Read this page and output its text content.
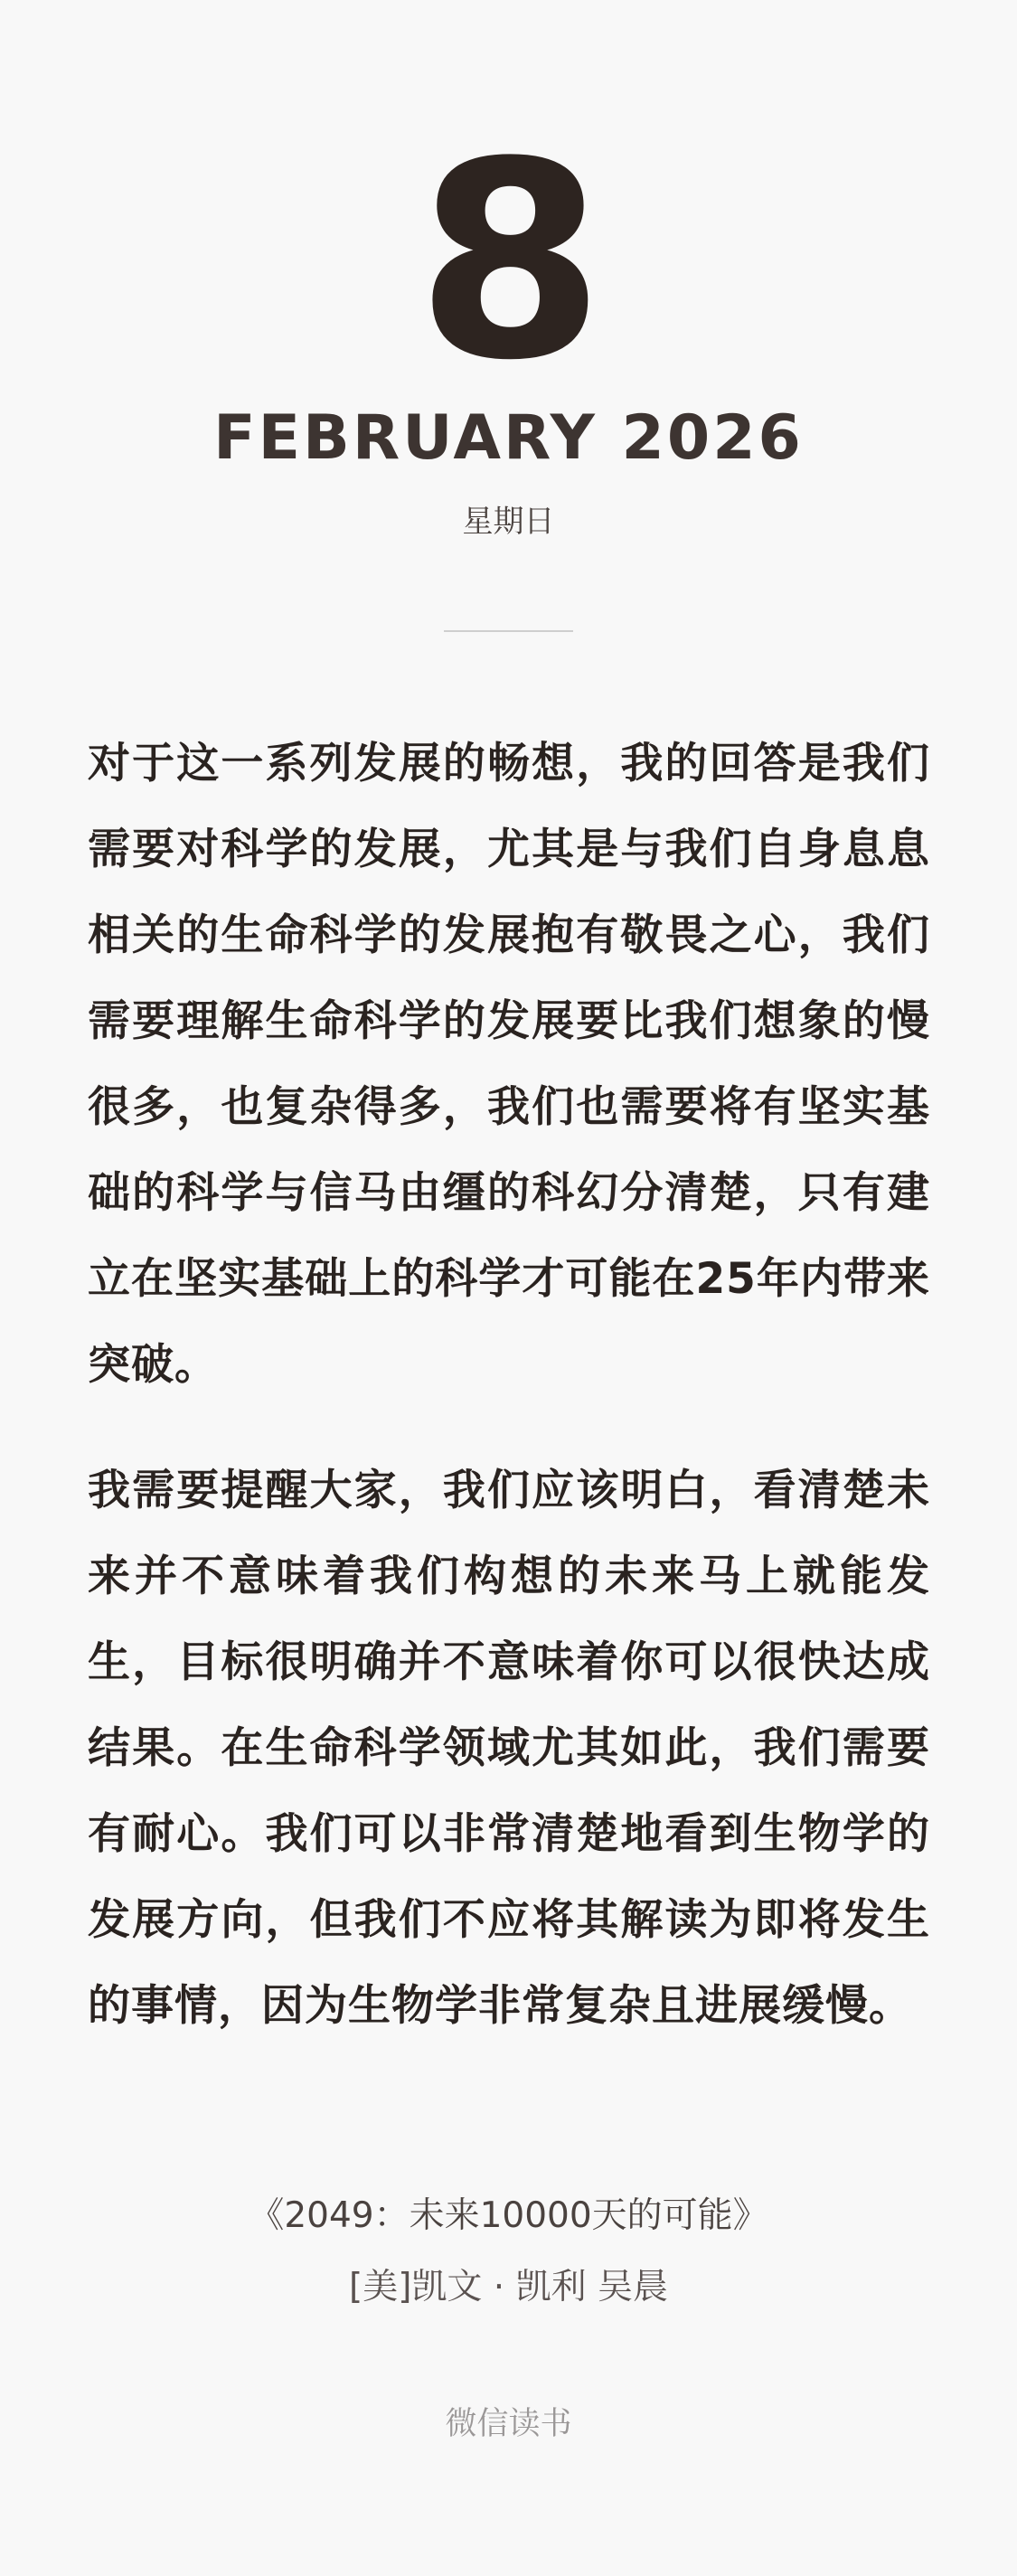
8
FEBRUARY 2026
星期日

对于这一系列发展的畅想，我的回答是我们需要对科学的发展，尤其是与我们自身息息相关的生命科学的发展抱有敬畏之心，我们需要理解生命科学的发展要比我们想象的慢很多，也复杂得多，我们也需要将有坚实基础的科学与信马由缰的科幻分清楚，只有建立在坚实基础上的科学才可能在25年内带来突破。

我需要提醒大家，我们应该明白，看清楚未来并不意味着我们构想的未来马上就能发生，目标很明确并不意味着你可以很快达成结果。在生命科学领域尤其如此，我们需要有耐心。我们可以非常清楚地看到生物学的发展方向，但我们不应将其解读为即将发生的事情，因为生物学非常复杂且进展缓慢。

《2049：未来10000天的可能》
[美]凯文 · 凯利 吴晨
微信读书
